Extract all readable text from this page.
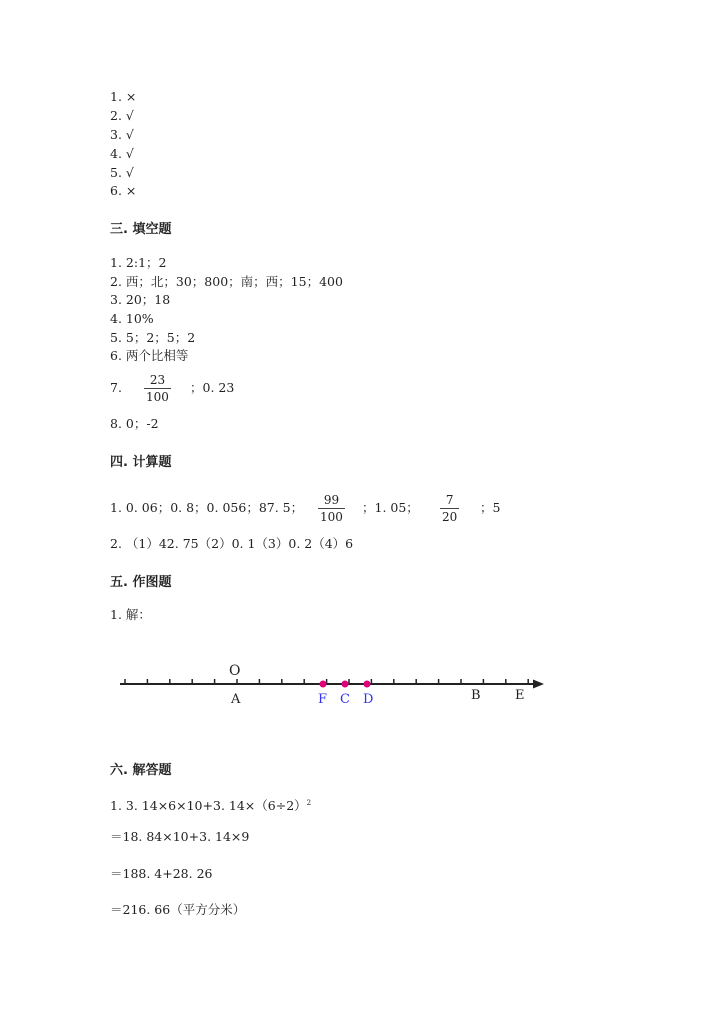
1. ×
2. √
3. √
4. √
5. √
6. ×
三. 填空题
1. 2:1；2
2. 西；北；30；800；南；西；15；400
3. 20；18
4. 10%
5. 5；2；5；2
6. 两个比相等
7.	23
100
；0. 23
8. 0；-2
四. 计算题
1. 0. 06；0. 8；0. 056；87. 5；	99
100
；1. 05；	7
20
；5
2. （1）42. 75（2）0. 1（3）0. 2（4）6
五. 作图题
1. 解：
O
A	F C D	B	E
六. 解答题
1. 3. 14×6×10+3. $14\times(6\div 2)^2$
＝18. 84×10+3. 14×9
＝188. 4+28. 26
＝216. 66（平方分米）
